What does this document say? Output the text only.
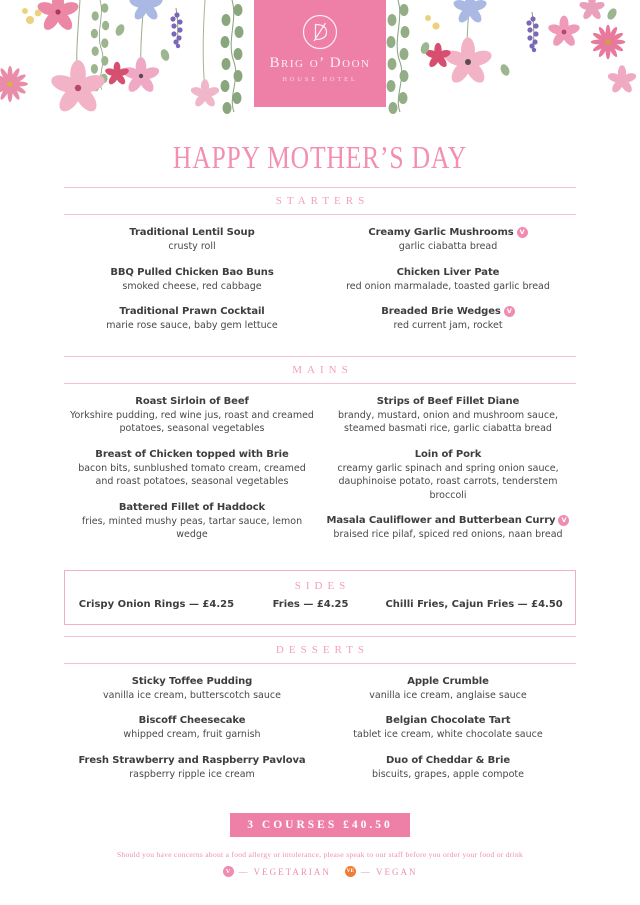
Brig o’ Doon
HOUSE HOTEL
HAPPY MOTHER’S DAY
STARTERS
Traditional Lentil Soup
crusty roll
BBQ Pulled Chicken Bao Buns
smoked cheese, red cabbage
Traditional Prawn Cocktail
marie rose sauce, baby gem lettuce
Creamy Garlic Mushrooms V
garlic ciabatta bread
Chicken Liver Pate
red onion marmalade, toasted garlic bread
Breaded Brie Wedges V
red current jam, rocket
MAINS
Roast Sirloin of Beef
Yorkshire pudding, red wine jus, roast and creamed potatoes, seasonal vegetables
Breast of Chicken topped with Brie
bacon bits, sunblushed tomato cream, creamed and roast potatoes, seasonal vegetables
Battered Fillet of Haddock
fries, minted mushy peas, tartar sauce, lemon wedge
Strips of Beef Fillet Diane
brandy, mustard, onion and mushroom sauce, steamed basmati rice, garlic ciabatta bread
Loin of Pork
creamy garlic spinach and spring onion sauce, dauphinoise potato, roast carrots, tenderstem broccoli
Masala Cauliflower and Butterbean Curry V
braised rice pilaf, spiced red onions, naan bread
SIDES
Crispy Onion Rings — £4.25	Fries — £4.25	Chilli Fries, Cajun Fries — £4.50
DESSERTS
Sticky Toffee Pudding
vanilla ice cream, butterscotch sauce
Biscoff Cheesecake
whipped cream, fruit garnish
Fresh Strawberry and Raspberry Pavlova
raspberry ripple ice cream
Apple Crumble
vanilla ice cream, anglaise sauce
Belgian Chocolate Tart
tablet ice cream, white chocolate sauce
Duo of Cheddar & Brie
biscuits, grapes, apple compote
3 COURSES £40.50
Should you have concerns about a food allergy or intolerance, please speak to our staff before you order your food or drink
V — VEGETARIAN	VE — VEGAN
